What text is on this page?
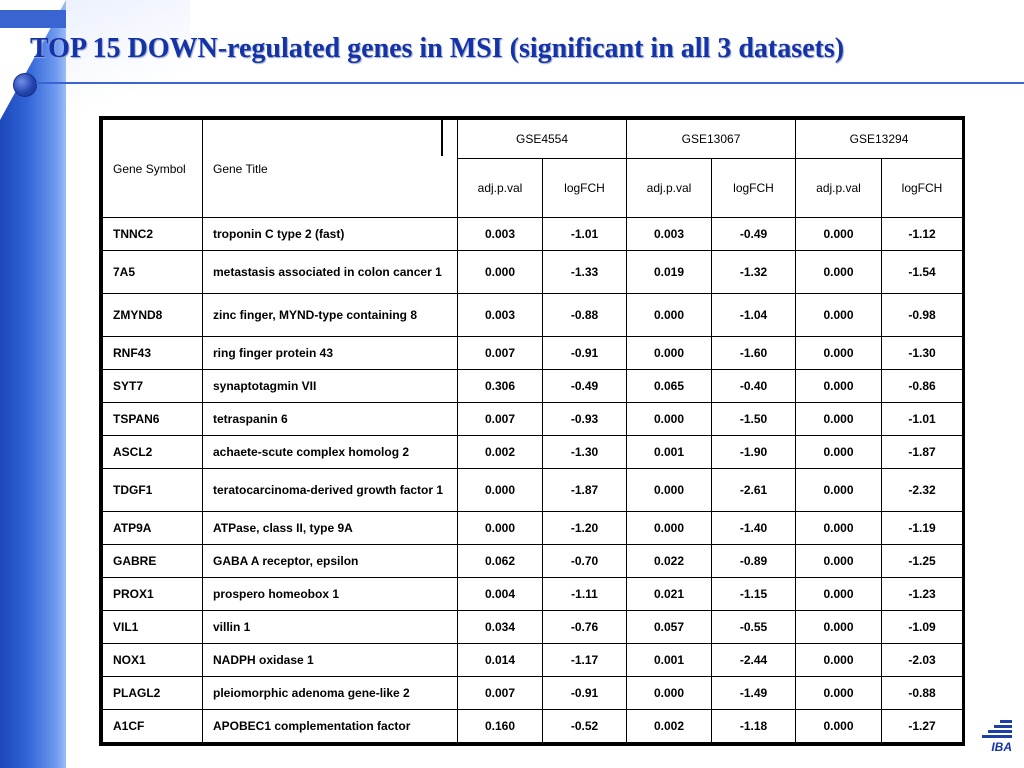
TOP 15 DOWN-regulated genes in MSI (significant in all 3 datasets)
Gene Symbol	Gene Title	GSE4554		GSE13067		GSE13294	
		adj.p.val	logFCH	adj.p.val	logFCH	adj.p.val	logFCH
TNNC2	troponin C type 2 (fast)	0.003	-1.01	0.003	-0.49	0.000	-1.12
7A5	metastasis associated in colon cancer 1	0.000	-1.33	0.019	-1.32	0.000	-1.54
ZMYND8	zinc finger, MYND-type containing 8	0.003	-0.88	0.000	-1.04	0.000	-0.98
RNF43	ring finger protein 43	0.007	-0.91	0.000	-1.60	0.000	-1.30
SYT7	synaptotagmin VII	0.306	-0.49	0.065	-0.40	0.000	-0.86
TSPAN6	tetraspanin 6	0.007	-0.93	0.000	-1.50	0.000	-1.01
ASCL2	achaete-scute complex homolog 2	0.002	-1.30	0.001	-1.90	0.000	-1.87
TDGF1	teratocarcinoma-derived growth factor 1	0.000	-1.87	0.000	-2.61	0.000	-2.32
ATP9A	ATPase, class II, type 9A	0.000	-1.20	0.000	-1.40	0.000	-1.19
GABRE	GABA A receptor, epsilon	0.062	-0.70	0.022	-0.89	0.000	-1.25
PROX1	prospero homeobox 1	0.004	-1.11	0.021	-1.15	0.000	-1.23
VIL1	villin 1	0.034	-0.76	0.057	-0.55	0.000	-1.09
NOX1	NADPH oxidase 1	0.014	-1.17	0.001	-2.44	0.000	-2.03
PLAGL2	pleiomorphic adenoma gene-like 2	0.007	-0.91	0.000	-1.49	0.000	-0.88
A1CF	APOBEC1 complementation factor	0.160	-0.52	0.002	-1.18	0.000	-1.27
IBA
